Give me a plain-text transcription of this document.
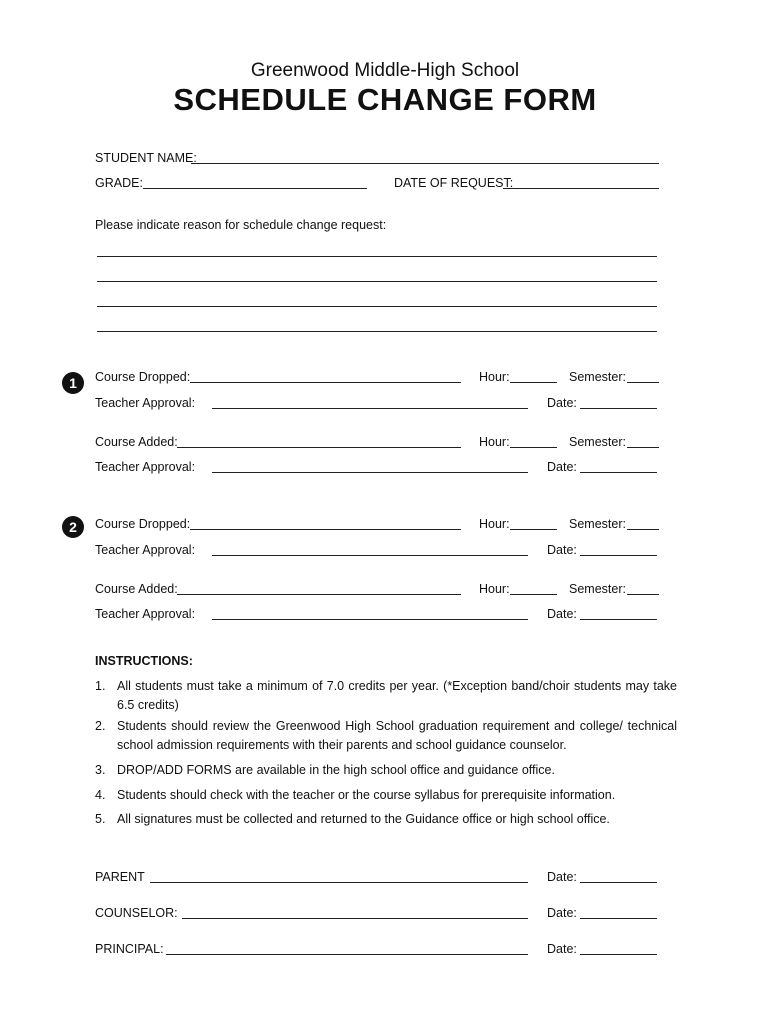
Greenwood Middle-High School
SCHEDULE CHANGE FORM
STUDENT NAME:
GRADE:	DATE OF REQUEST:
Please indicate reason for schedule change request:
1	Course Dropped:	Hour:	Semester:
Teacher Approval:	Date:
Course Added:	Hour:	Semester:
Teacher Approval:	Date:
2	Course Dropped:	Hour:	Semester:
Teacher Approval:	Date:
Course Added:	Hour:	Semester:
Teacher Approval:	Date:
INSTRUCTIONS:
1. All students must take a minimum of 7.0 credits per year. (*Exception band/choir students may take 6.5 credits)
2. Students should review the Greenwood High School graduation requirement and college/ technical school admission requirements with their parents and school guidance counselor.
3. DROP/ADD FORMS are available in the high school office and guidance office.
4. Students should check with the teacher or the course syllabus for prerequisite information.
5. All signatures must be collected and returned to the Guidance office or high school office.
PARENT	Date:
COUNSELOR:	Date:
PRINCIPAL:	Date:
